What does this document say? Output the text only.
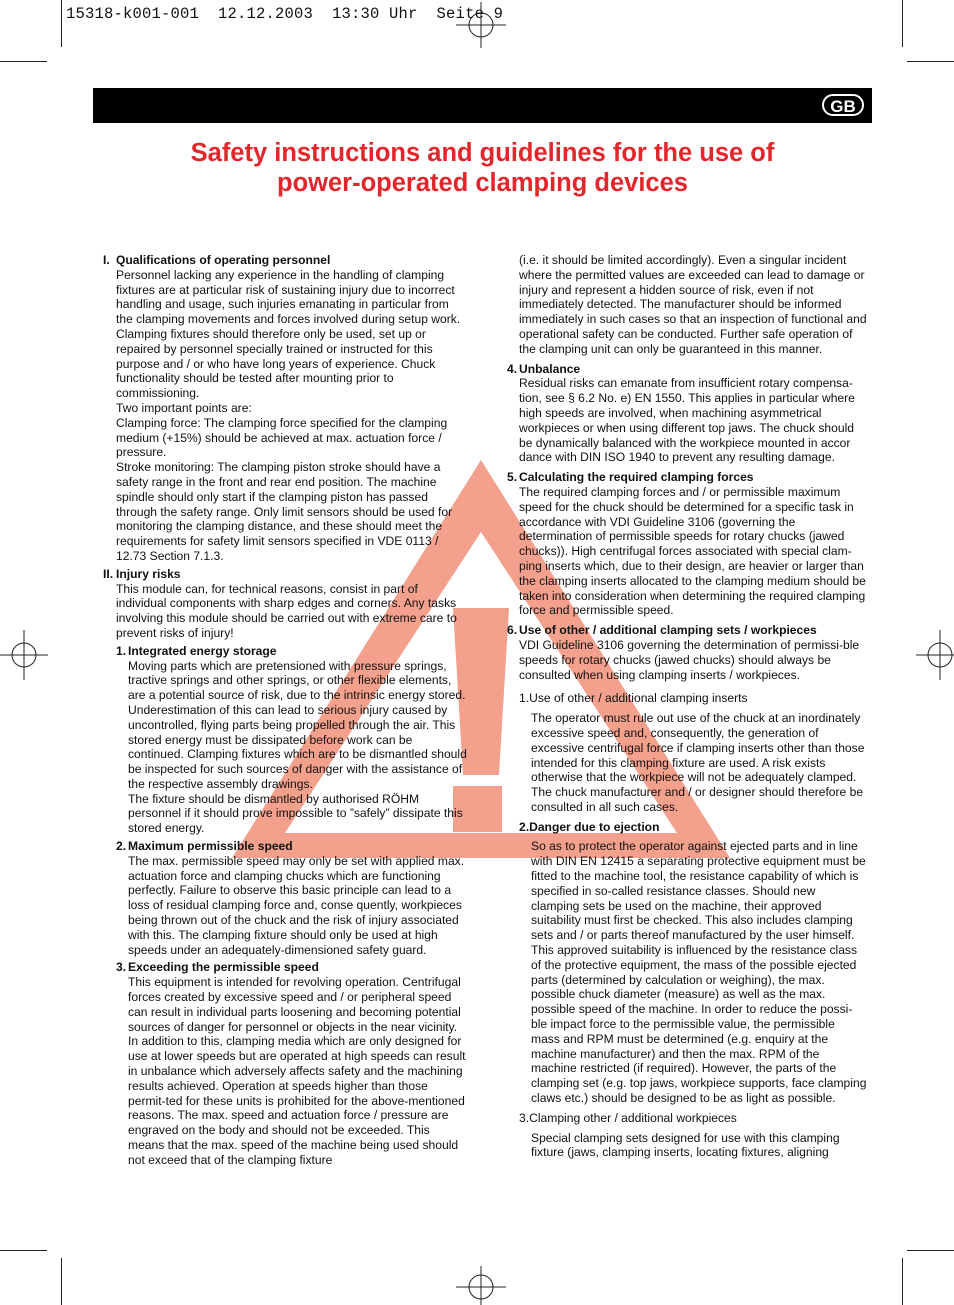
15318-k001-001  12.12.2003  13:30 Uhr  Seite 9
GB
Safety instructions and guidelines for the use of
power-operated clamping devices
I. Qualifications of operating personnel

Personnel lacking any experience in the handling of clamping fixtures are at particular risk of sustaining injury due to incorrect handling and usage, such injuries emanating in particular from the clamping movements and forces involved during setup work. Clamping fixtures should therefore only be used, set up or repaired by personnel specially trained or instructed for this purpose and / or who have long years of experience. Chuck functionality should be tested after mounting prior to commissioning.

Two important points are:

Clamping force: The clamping force specified for the clamping medium (+15%) should be achieved at max. actuation force / pressure.

Stroke monitoring: The clamping piston stroke should have a safety range in the front and rear end position. The machine spindle should only start if the clamping piston has passed through the safety range. Only limit sensors should be used for monitoring the clamping distance, and these should meet the requirements for safety limit sensors specified in VDE 0113 / 12.73 Section 7.1.3.

II. Injury risks

This module can, for technical reasons, consist in part of individual components with sharp edges and corners. Any tasks involving this module should be carried out with extreme care to prevent risks of injury!

1. Integrated energy storage

Moving parts which are pretensioned with pressure springs, tractive springs and other springs, or other flexible elements, are a potential source of risk, due to the intrinsic energy stored. Underestimation of this can lead to serious injury caused by uncontrolled, flying parts being propelled through the air. This stored energy must be dissipated before work can be continued. Clamping fixtures which are to be dismantled should be inspected for such sources of danger with the assistance of the respective assembly drawings.

The fixture should be dismantled by authorised RÖHM personnel if it should prove impossible to ”safely” dissipate this stored energy.

2. Maximum permissible speed

The max. permissible speed may only be set with applied max. actuation force and clamping chucks which are functioning perfectly. Failure to observe this basic principle can lead to a loss of residual clamping force and, conse quently, workpieces being thrown out of the chuck and the risk of injury associated with this. The clamping fixture should only be used at high speeds under an adequately-dimensioned safety guard.

3. Exceeding the permissible speed

This equipment is intended for revolving operation. Centrifugal forces created by excessive speed and / or peripheral speed can result in individual parts loosening and becoming potential sources of danger for personnel or objects in the near vicinity. In addition to this, clamping media which are only designed for use at lower speeds but are operated at high speeds can result in unbalance which adversely affects safety and the machining results achieved. Operation at speeds higher than those permit-ted for these units is prohibited for the above-mentioned reasons. The max. speed and actuation force / pressure are engraved on the body and should not be exceeded. This means that the max. speed of the machine being used should not exceed that of the clamping fixture

(i.e. it should be limited accordingly). Even a singular incident where the permitted values are exceeded can lead to damage or injury and represent a hidden source of risk, even if not immediately detected. The manufacturer should be informed immediately in such cases so that an inspection of functional and operational safety can be conducted. Further safe operation of the clamping unit can only be guaranteed in this manner.

4. Unbalance

Residual risks can emanate from insufficient rotary compensa-tion, see § 6.2 No. e) EN 1550. This applies in particular where high speeds are involved, when machining asymmetrical workpieces or when using different top jaws. The chuck should be dynamically balanced with the workpiece mounted in accor dance with DIN ISO 1940 to prevent any resulting damage.

5. Calculating the required clamping forces

The required clamping forces and / or permissible maximum speed for the chuck should be determined for a specific task in accordance with VDI Guideline 3106 (governing the determination of permissible speeds for rotary chucks (jawed chucks)). High centrifugal forces associated with special clam-ping inserts which, due to their design, are heavier or larger than the clamping inserts allocated to the clamping medium should be taken into consideration when determining the required clamping force and permissible speed.

6. Use of other / additional clamping sets / workpieces

VDI Guideline 3106 governing the determination of permissi-ble speeds for rotary chucks (jawed chucks) should always be consulted when using clamping inserts / workpieces.

1. Use of other / additional clamping inserts

The operator must rule out use of the chuck at an inordinately excessive speed and, consequently, the generation of excessive centrifugal force if clamping inserts other than those intended for this clamping fixture are used. A risk exists otherwise that the workpiece will not be adequately clamped. The chuck manufacturer and / or designer should therefore be consulted in all such cases.

2. Danger due to ejection

So as to protect the operator against ejected parts and in line with DIN EN 12415 a separating protective equipment must be fitted to the machine tool, the resistance capability of which is specified in so-called resistance classes. Should new clamping sets be used on the machine, their approved suitability must first be checked. This also includes clamping sets and / or parts thereof manufactured by the user himself. This approved suitability is influenced by the resistance class of the protective equipment, the mass of the possible ejected parts (determined by calculation or weighing), the max. possible chuck diameter (measure) as well as the max. possible speed of the machine. In order to reduce the possi-ble impact force to the permissible value, the permissible mass and RPM must be determined (e.g. enquiry at the machine manufacturer) and then the max. RPM of the machine restricted (if required). However, the parts of the clamping set (e.g. top jaws, workpiece supports, face clamping claws etc.) should be designed to be as light as possible.

3. Clamping other / additional workpieces

Special clamping sets designed for use with this clamping fixture (jaws, clamping inserts, locating fixtures, aligning
